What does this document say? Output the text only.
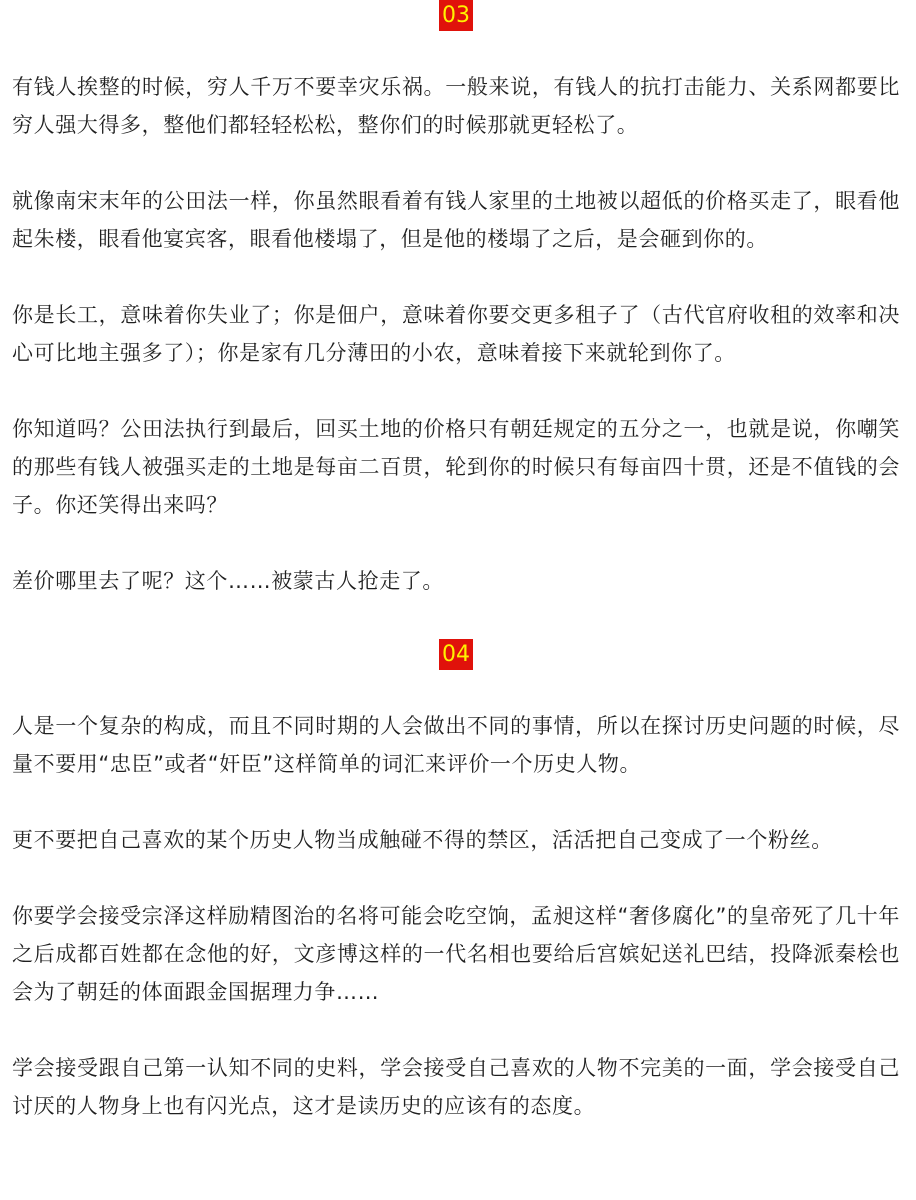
03

有钱人挨整的时候，穷人千万不要幸灾乐祸。一般来说，有钱人的抗打击能力、关系网都要比穷人强大得多，整他们都轻轻松松，整你们的时候那就更轻松了。

就像南宋末年的公田法一样，你虽然眼看着有钱人家里的土地被以超低的价格买走了，眼看他起朱楼，眼看他宴宾客，眼看他楼塌了，但是他的楼塌了之后，是会砸到你的。

你是长工，意味着你失业了；你是佃户，意味着你要交更多租子了（古代官府收租的效率和决心可比地主强多了）；你是家有几分薄田的小农，意味着接下来就轮到你了。

你知道吗？公田法执行到最后，回买土地的价格只有朝廷规定的五分之一，也就是说，你嘲笑的那些有钱人被强买走的土地是每亩二百贯，轮到你的时候只有每亩四十贯，还是不值钱的会子。你还笑得出来吗？

差价哪里去了呢？这个……被蒙古人抢走了。

04

人是一个复杂的构成，而且不同时期的人会做出不同的事情，所以在探讨历史问题的时候，尽量不要用“忠臣”或者“奸臣”这样简单的词汇来评价一个历史人物。

更不要把自己喜欢的某个历史人物当成触碰不得的禁区，活活把自己变成了一个粉丝。

你要学会接受宗泽这样励精图治的名将可能会吃空饷，孟昶这样“奢侈腐化”的皇帝死了几十年之后成都百姓都在念他的好，文彦博这样的一代名相也要给后宫嫔妃送礼巴结，投降派秦桧也会为了朝廷的体面跟金国据理力争……

学会接受跟自己第一认知不同的史料，学会接受自己喜欢的人物不完美的一面，学会接受自己讨厌的人物身上也有闪光点，这才是读历史的应该有的态度。
